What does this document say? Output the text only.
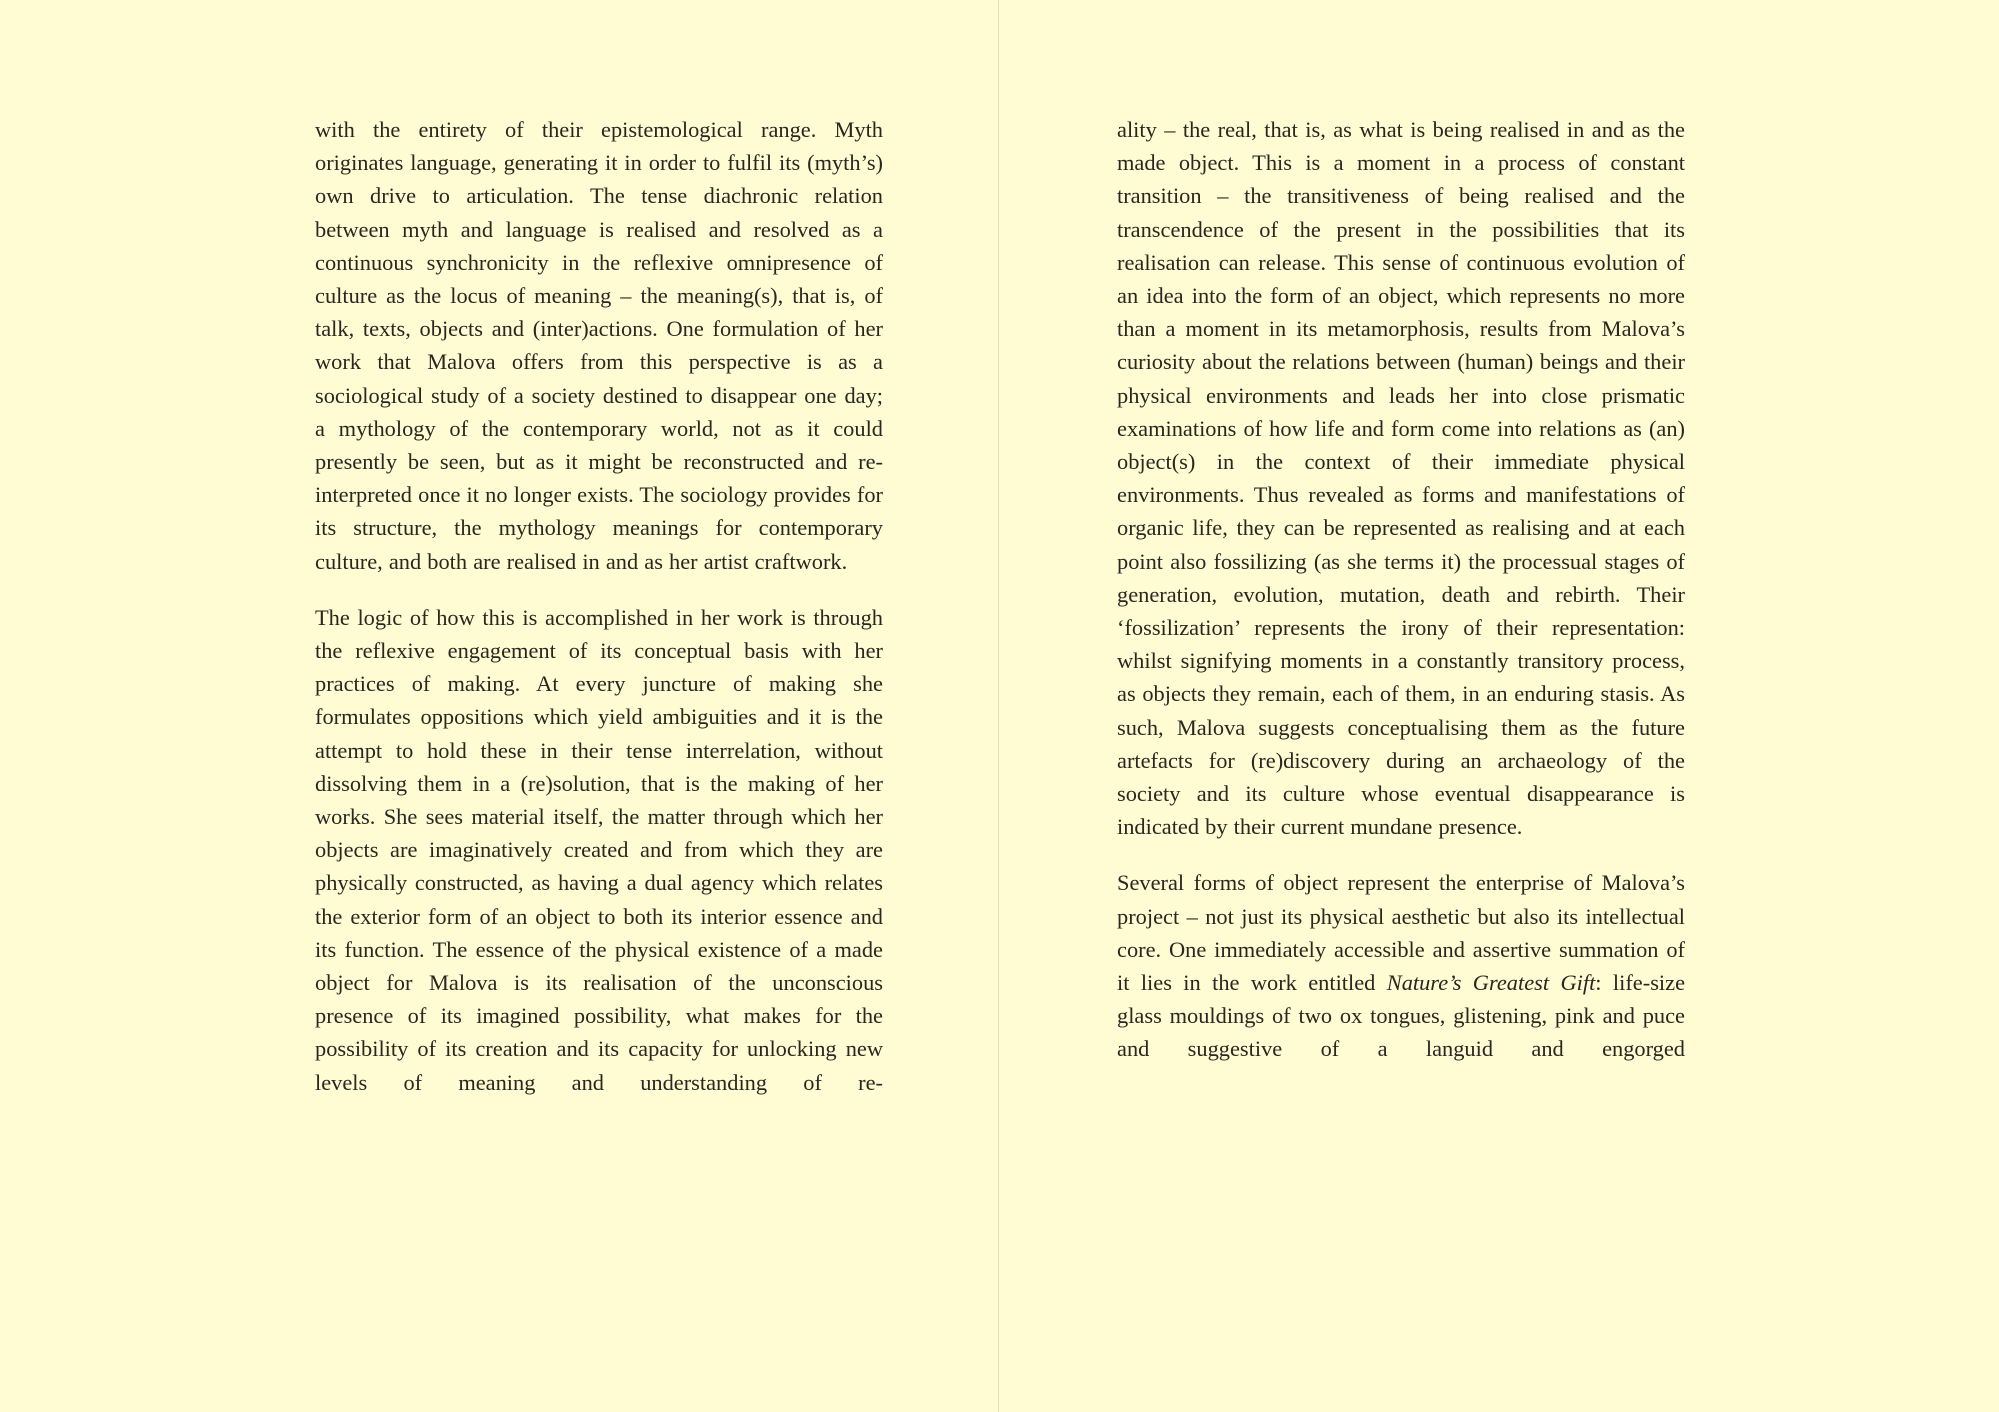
with the entirety of their epistemological range. Myth originates language, generating it in order to fulfil its (myth’s) own drive to articulation. The tense diachronic relation between myth and language is realised and resolved as a continuous synchronicity in the reflexive omnipresence of culture as the locus of meaning – the meaning(s), that is, of talk, texts, objects and (inter)actions. One formulation of her work that Malova offers from this perspective is as a sociological study of a society destined to disappear one day; a mythology of the contemporary world, not as it could presently be seen, but as it might be reconstructed and re-interpreted once it no longer exists. The sociology provides for its structure, the mythology meanings for contemporary culture, and both are realised in and as her artist craftwork.

The logic of how this is accomplished in her work is through the reflexive engagement of its conceptual basis with her practices of making. At every juncture of making she formulates oppositions which yield ambiguities and it is the attempt to hold these in their tense interrelation, without dissolving them in a (re)solution, that is the making of her works. She sees material itself, the matter through which her objects are imaginatively created and from which they are physically constructed, as having a dual agency which relates the exterior form of an object to both its interior essence and its function. The essence of the physical existence of a made object for Malova is its realisation of the unconscious presence of its imagined possibility, what makes for the possibility of its creation and its capacity for unlocking new levels of meaning and understanding of re-

ality – the real, that is, as what is being realised in and as the made object. This is a moment in a process of constant transition – the transitiveness of being realised and the transcendence of the present in the possibilities that its realisation can release. This sense of continuous evolution of an idea into the form of an object, which represents no more than a moment in its metamorphosis, results from Malova’s curiosity about the relations between (human) beings and their physical environments and leads her into close prismatic examinations of how life and form come into relations as (an) object(s) in the context of their immediate physical environments. Thus revealed as forms and manifestations of organic life, they can be represented as realising and at each point also fossilizing (as she terms it) the processual stages of generation, evolution, mutation, death and rebirth. Their ‘fossilization’ represents the irony of their representation: whilst signifying moments in a constantly transitory process, as objects they remain, each of them, in an enduring stasis. As such, Malova suggests conceptualising them as the future artefacts for (re)discovery during an archaeology of the society and its culture whose eventual disappearance is indicated by their current mundane presence.

Several forms of object represent the enterprise of Malova’s project – not just its physical aesthetic but also its intellectual core. One immediately accessible and assertive summation of it lies in the work entitled Nature’s Greatest Gift: life-size glass mouldings of two ox tongues, glistening, pink and puce and suggestive of a languid and engorged
